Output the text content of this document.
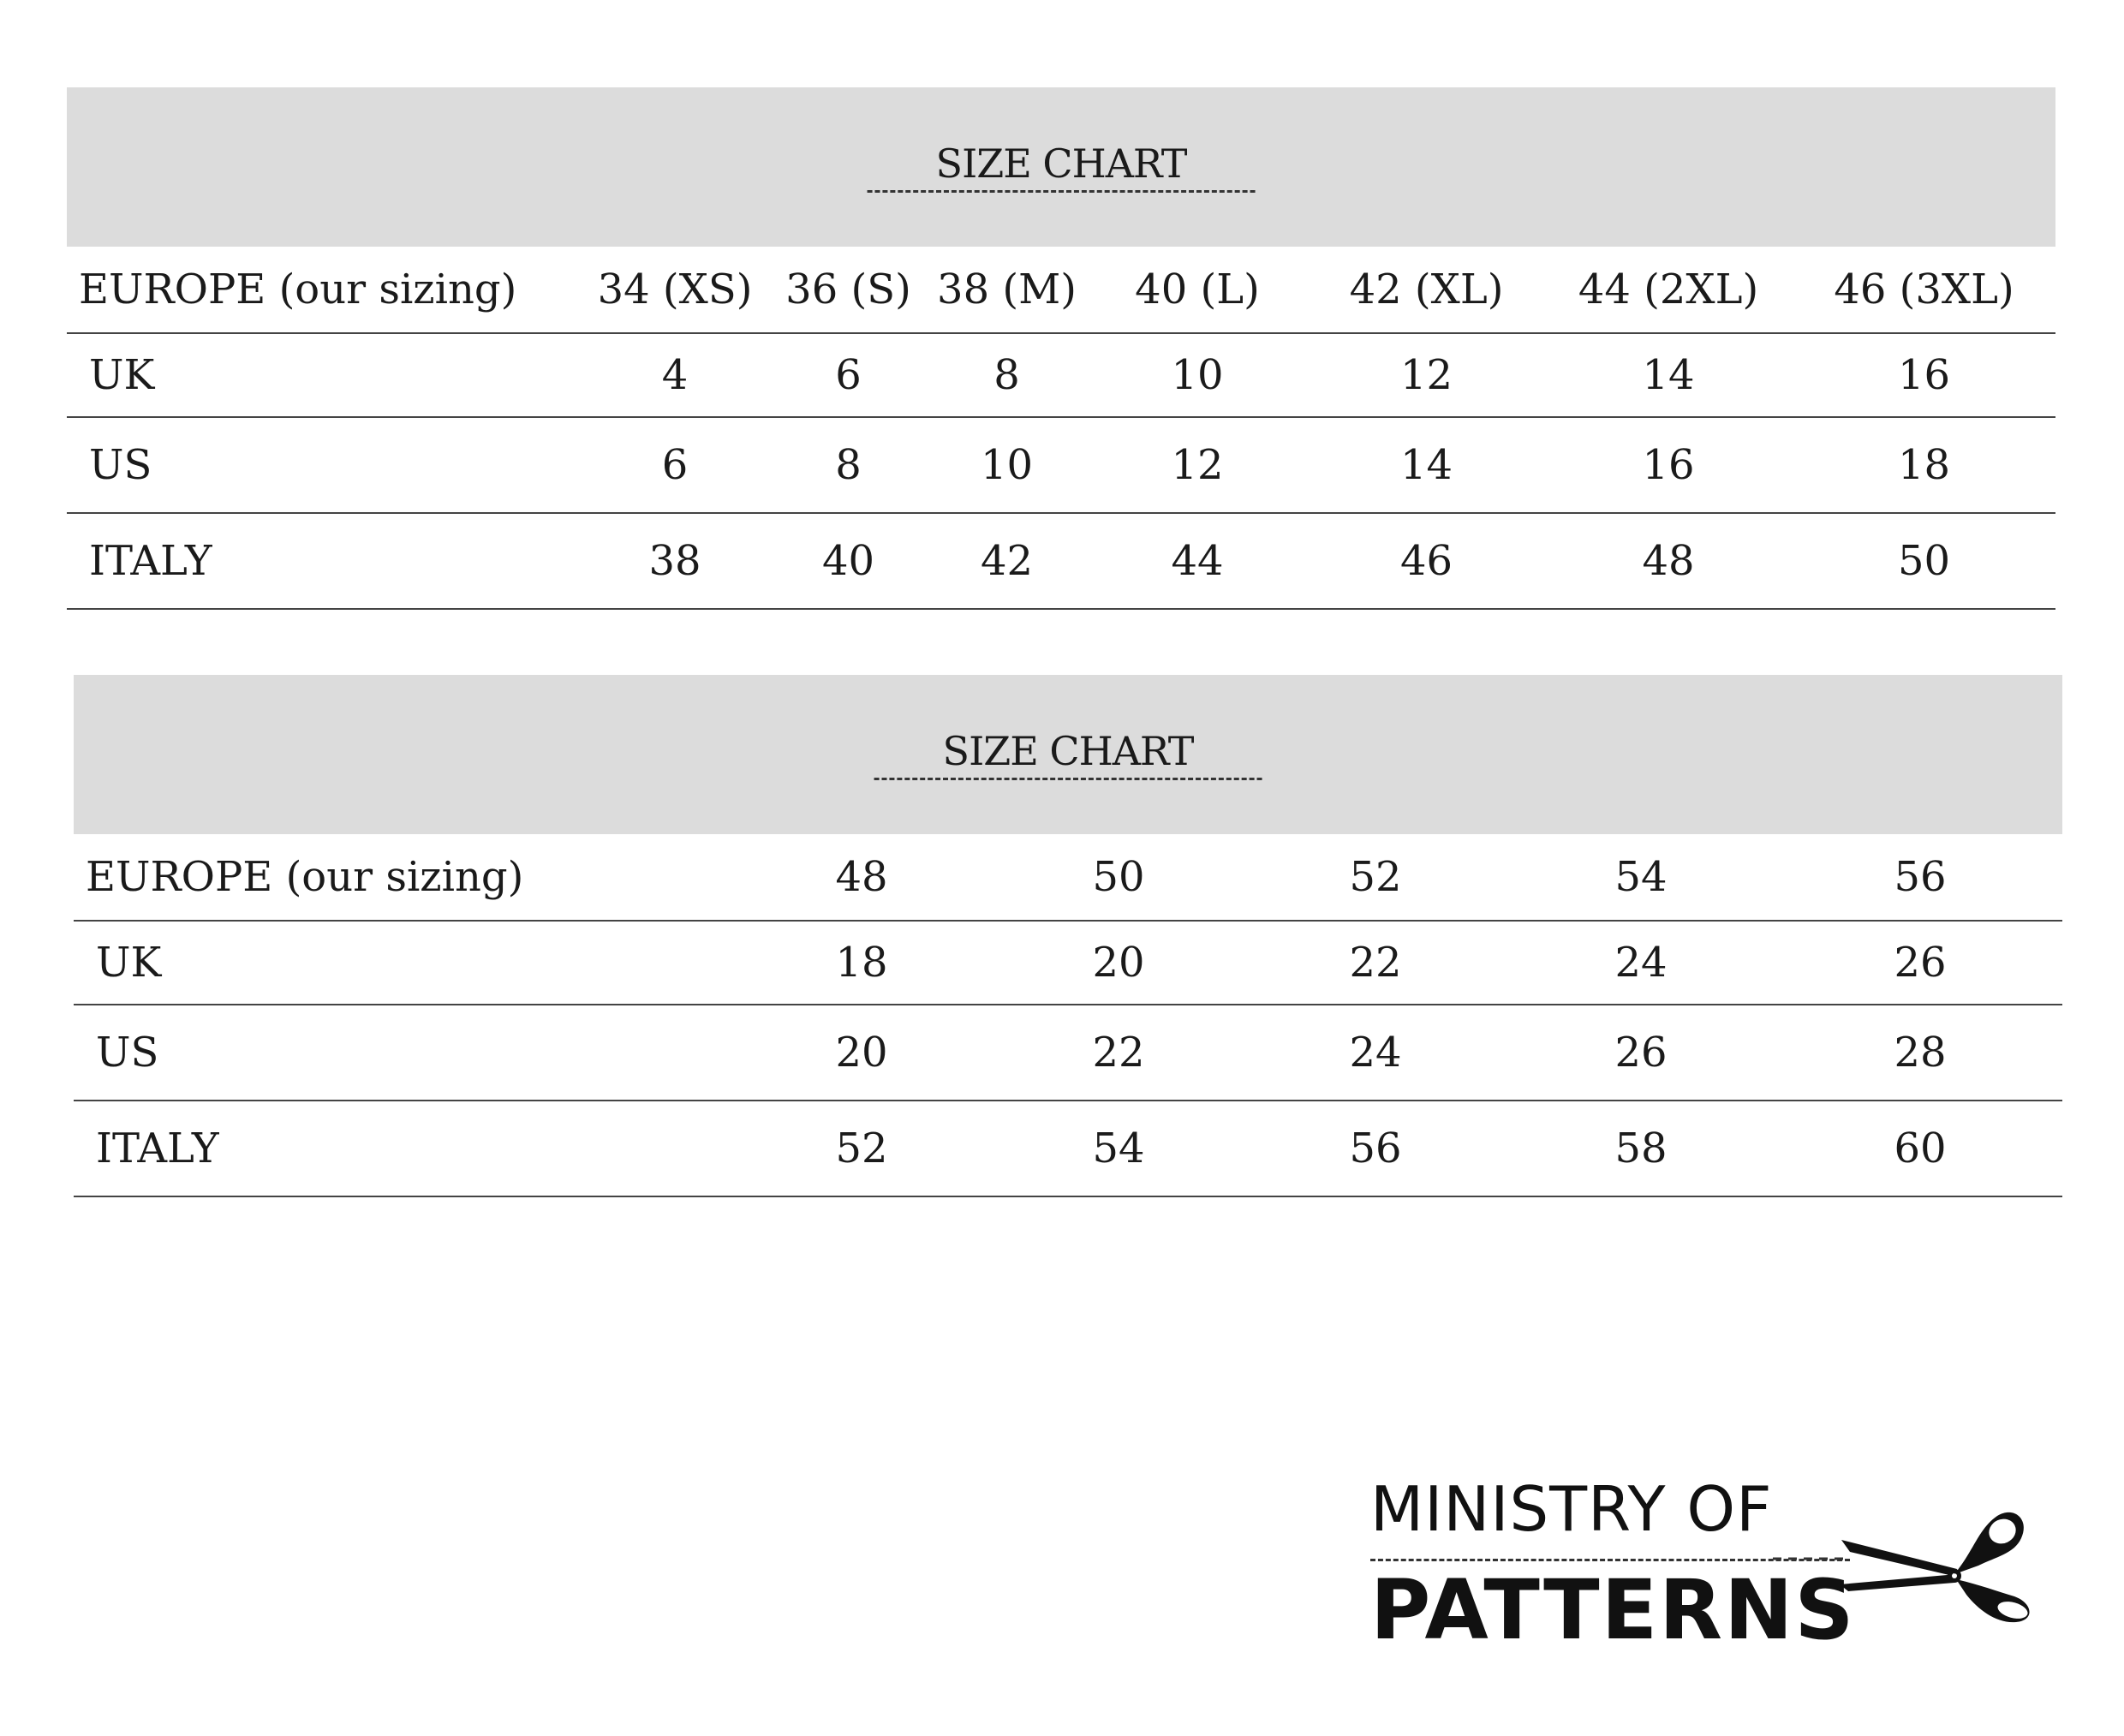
SIZE CHART
EUROPE (our sizing)	34 (XS)	36 (S)	38 (M)	40 (L)	42 (XL)	44 (2XL)	46 (3XL)
UK	4	6	8	10	12	14	16
US	6	8	10	12	14	16	18
ITALY	38	40	42	44	46	48	50
SIZE CHART
EUROPE (our sizing)	48	50	52	54	56
UK	18	20	22	24	26
US	20	22	24	26	28
ITALY	52	54	56	58	60
MINISTRY OF
PATTERNS
